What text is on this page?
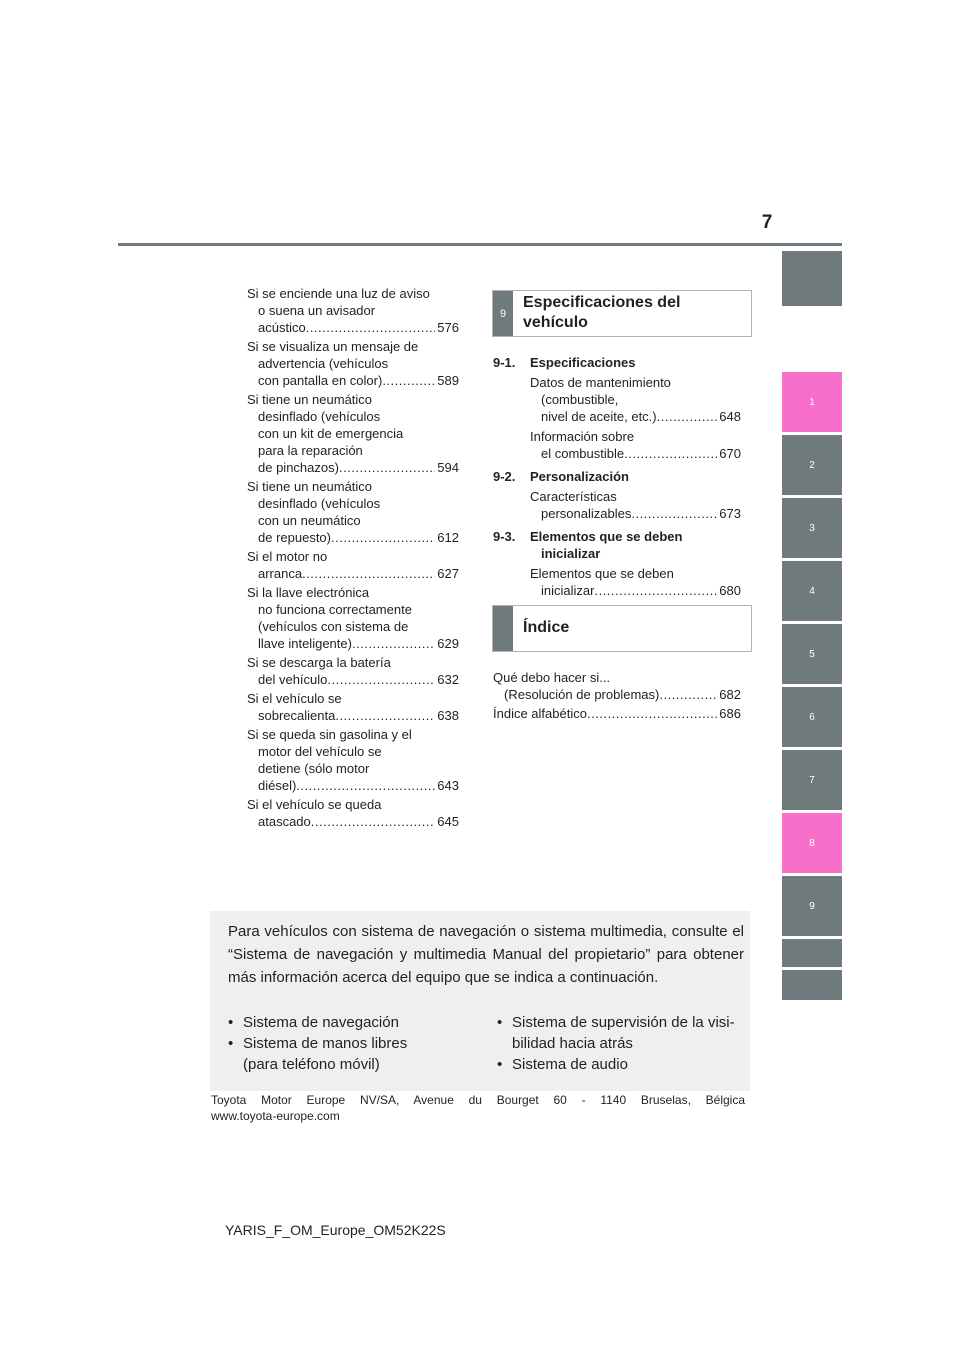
7
1
2
3
4
5
6
7
8
9
Si se enciende una luz de aviso
o suena un avisador
acústico .....	576
Si se visualiza un mensaje de
advertencia (vehículos
con pantalla en color) .....	589
Si tiene un neumático
desinflado (vehículos
con un kit de emergencia
para la reparación
de pinchazos) .....	594
Si tiene un neumático
desinflado (vehículos
con un neumático
de repuesto) .....	612
Si el motor no
arranca .....	627
Si la llave electrónica
no funciona correctamente
(vehículos con sistema de
llave inteligente) .....	629
Si se descarga la batería
del vehículo .....	632
Si el vehículo se
sobrecalienta .....	638
Si se queda sin gasolina y el
motor del vehículo se
detiene (sólo motor
diésel) .....	643
Si el vehículo se queda
atascado .....	645
9
Especificaciones del
vehículo
9-1.	Especificaciones
Datos de mantenimiento
(combustible,
nivel de aceite, etc.) .....	648
Información sobre
el combustible .....	670
9-2.	Personalización
Características
personalizables .....	673
9-3.	Elementos que se deben
inicializar
Elementos que se deben
inicializar .....	680
Índice
Qué debo hacer si...
(Resolución de problemas) .....	682
Índice alfabético .....	686
Para vehículos con sistema de navegación o sistema multimedia, consulte el “Sistema de navegación y multimedia Manual del propietario” para obtener más información acerca del equipo que se indica a continuación.
• Sistema de navegación
• Sistema de manos libres
(para teléfono móvil)
• Sistema de supervisión de la visi-
bilidad hacia atrás
• Sistema de audio
Toyota Motor Europe NV/SA, Avenue du Bourget 60 - 1140 Bruselas, Bélgica
www.toyota-europe.com
YARIS_F_OM_Europe_OM52K22S
